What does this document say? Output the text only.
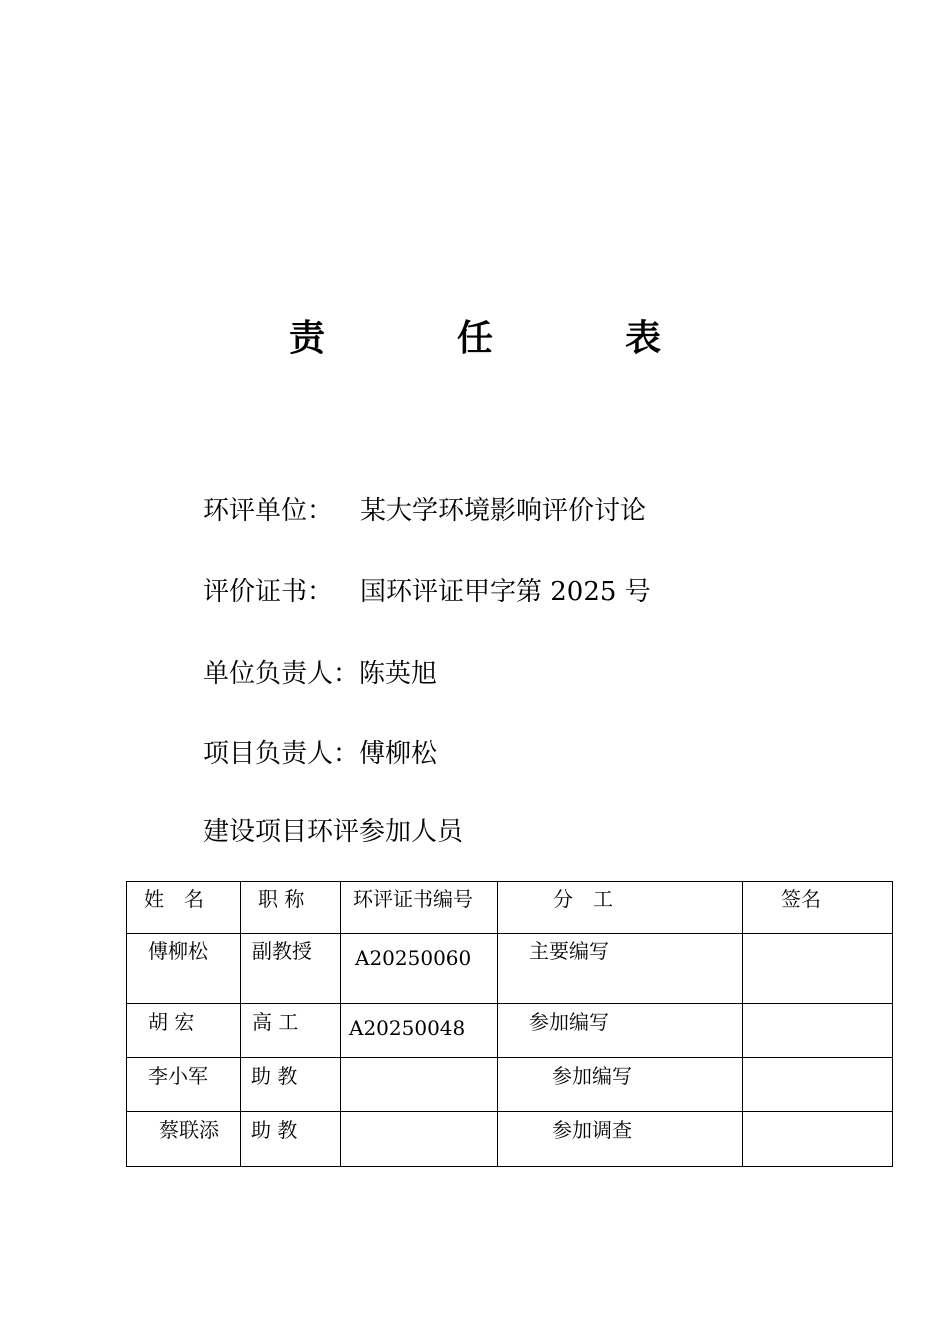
责　任　表
环评单位： 某大学环境影响评价讨论
评价证书： 国环评证甲字第 2025 号
单位负责人：陈英旭
项目负责人：傅柳松
建设项目环评参加人员
姓　名	职 称	环评证书编号	分　工	签名

傅柳松	副教授	A20250060	主要编写	

胡 宏	高 工	A20250048	参加编写	

李小军	助 教		参加编写	

蔡联添	助 教		参加调查	
